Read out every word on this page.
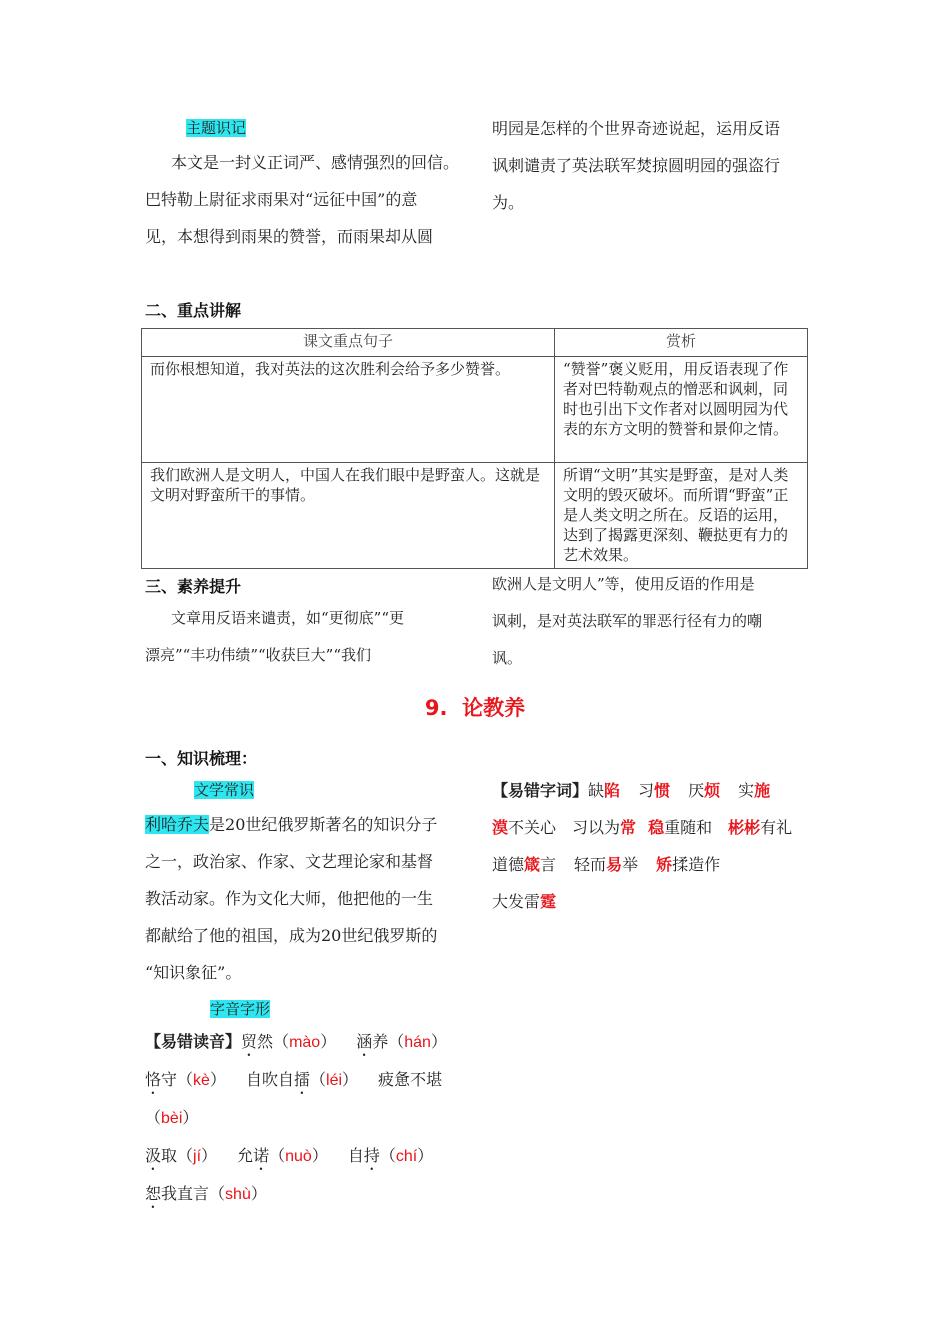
主题识记
本文是一封义正词严、感情强烈的回信。
巴特勒上尉征求雨果对“远征中国”的意
见，本想得到雨果的赞誉，而雨果却从圆
明园是怎样的个世界奇迹说起，运用反语
讽刺谴责了英法联军焚掠圆明园的强盗行
为。
二、重点讲解
课文重点句子	赏析
而你根想知道，我对英法的这次胜利会给予多少赞誉。	“赞誉”褒义贬用，用反语表现了作者对巴特勒观点的憎恶和讽刺，同时也引出下文作者对以圆明园为代表的东方文明的赞誉和景仰之情。
我们欧洲人是文明人，中国人在我们眼中是野蛮人。这就是文明对野蛮所干的事情。	所谓“文明”其实是野蛮，是对人类文明的毁灭破坏。而所谓“野蛮”正是人类文明之所在。反语的运用，达到了揭露更深刻、鞭挞更有力的艺术效果。
三、素养提升
文章用反语来谴责，如“更彻底”“更
漂亮”“丰功伟绩”“收获巨大”“我们
欧洲人是文明人”等，使用反语的作用是
讽刺，是对英法联军的罪恶行径有力的嘲
讽。
9.  论教养
一、知识梳理：
文学常识
利哈乔夫是20世纪俄罗斯著名的知识分子
之一，政治家、作家、文艺理论家和基督
教活动家。作为文化大师，他把他的一生
都献给了他的祖国，成为20世纪俄罗斯的
“知识象征”。
字音字形
【易错读音】贸然（mào） 涵养（hán）
恪守（kè） 自吹自擂（léi） 疲惫不堪
（bèi）
汲取（jí） 允诺（nuò） 自持（chí）
恕我直言（shù）
【易错字词】缺陷 习惯 厌烦 实施
漠不关心 习以为常 稳重随和 彬彬有礼
道德箴言 轻而易举 矫揉造作
大发雷霆
